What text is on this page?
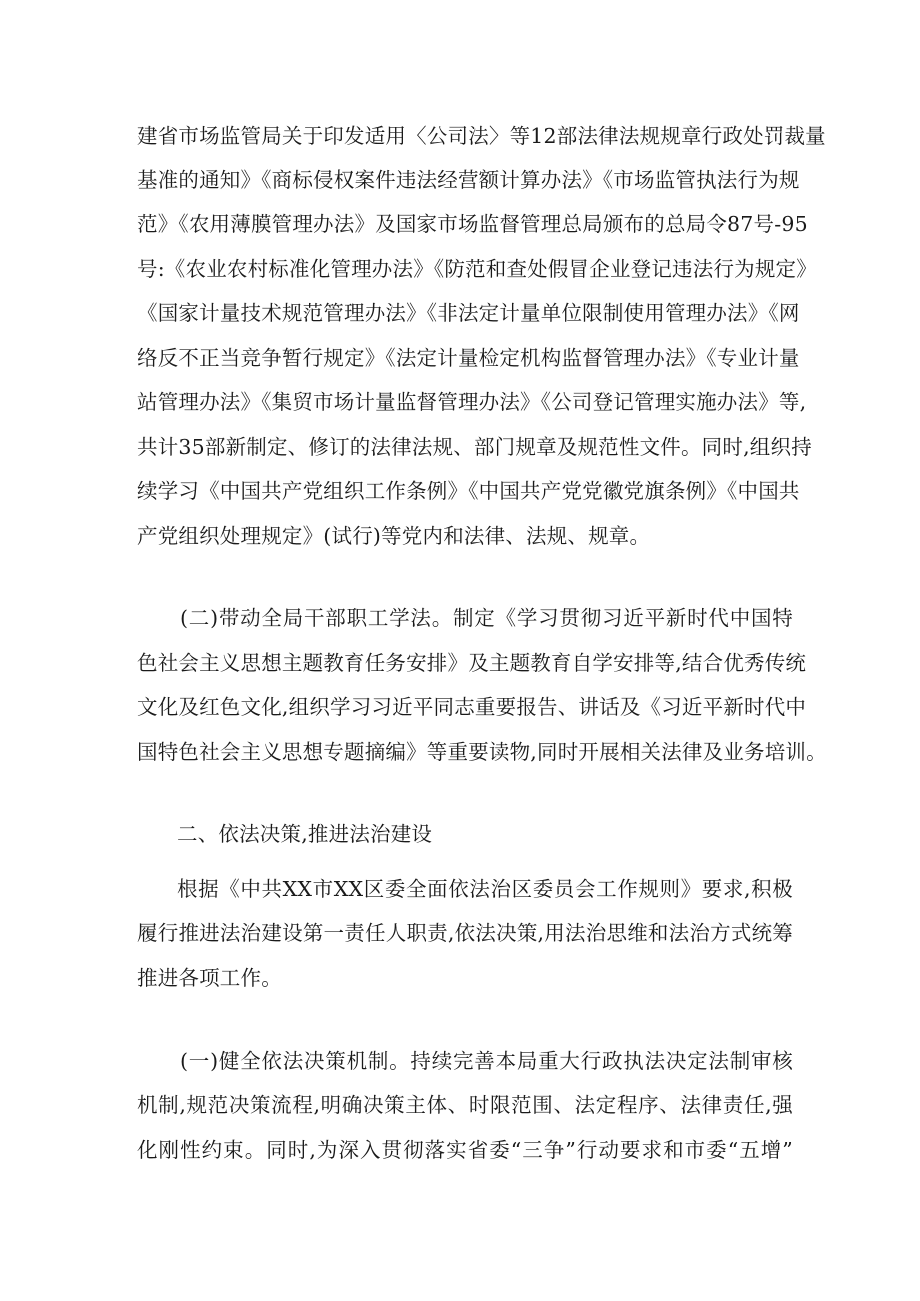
建省市场监管局关于印发适用〈公司法〉等12部法律法规规章行政处罚裁量
基准的通知》《商标侵权案件违法经营额计算办法》《市场监管执法行为规
范》《农用薄膜管理办法》及国家市场监督管理总局颁布的总局令87号-95
号:《农业农村标准化管理办法》《防范和查处假冒企业登记违法行为规定》
《国家计量技术规范管理办法》《非法定计量单位限制使用管理办法》《网
络反不正当竞争暂行规定》《法定计量检定机构监督管理办法》《专业计量
站管理办法》《集贸市场计量监督管理办法》《公司登记管理实施办法》等,
共计35部新制定、修订的法律法规、部门规章及规范性文件。同时,组织持
续学习《中国共产党组织工作条例》《中国共产党党徽党旗条例》《中国共
产党组织处理规定》(试行)等党内和法律、法规、规章。
(二)带动全局干部职工学法。制定《学习贯彻习近平新时代中国特
色社会主义思想主题教育任务安排》及主题教育自学安排等,结合优秀传统
文化及红色文化,组织学习习近平同志重要报告、讲话及《习近平新时代中
国特色社会主义思想专题摘编》等重要读物,同时开展相关法律及业务培训。
二、依法决策,推进法治建设
根据《中共XX市XX区委全面依法治区委员会工作规则》要求,积极
履行推进法治建设第一责任人职责,依法决策,用法治思维和法治方式统筹
推进各项工作。
(一)健全依法决策机制。持续完善本局重大行政执法决定法制审核
机制,规范决策流程,明确决策主体、时限范围、法定程序、法律责任,强
化刚性约束。同时,为深入贯彻落实省委“三争”行动要求和市委“五增”
